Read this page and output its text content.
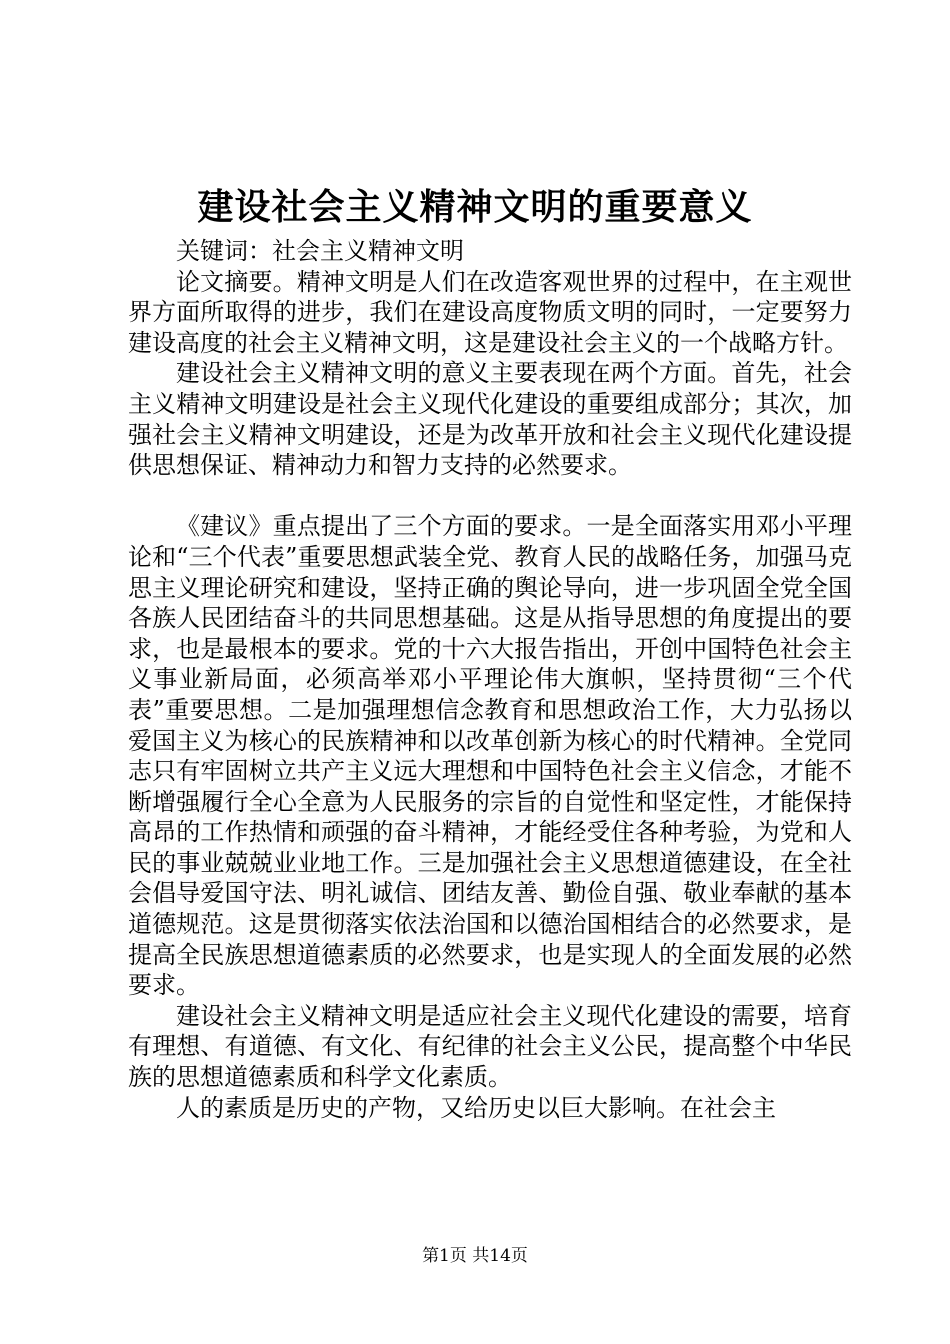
建设社会主义精神文明的重要意义

关键词：社会主义精神文明

论文摘要。精神文明是人们在改造客观世界的过程中，在主观世界方面所取得的进步，我们在建设高度物质文明的同时，一定要努力建设高度的社会主义精神文明，这是建设社会主义的一个战略方针。

建设社会主义精神文明的意义主要表现在两个方面。首先，社会主义精神文明建设是社会主义现代化建设的重要组成部分；其次，加强社会主义精神文明建设，还是为改革开放和社会主义现代化建设提供思想保证、精神动力和智力支持的必然要求。

《建议》重点提出了三个方面的要求。一是全面落实用邓小平理论和“三个代表”重要思想武装全党、教育人民的战略任务，加强马克思主义理论研究和建设，坚持正确的舆论导向，进一步巩固全党全国各族人民团结奋斗的共同思想基础。这是从指导思想的角度提出的要求，也是最根本的要求。党的十六大报告指出，开创中国特色社会主义事业新局面，必须高举邓小平理论伟大旗帜，坚持贯彻“三个代表”重要思想。二是加强理想信念教育和思想政治工作，大力弘扬以爱国主义为核心的民族精神和以改革创新为核心的时代精神。全党同志只有牢固树立共产主义远大理想和中国特色社会主义信念，才能不断增强履行全心全意为人民服务的宗旨的自觉性和坚定性，才能保持高昂的工作热情和顽强的奋斗精神，才能经受住各种考验，为党和人民的事业兢兢业业地工作。三是加强社会主义思想道德建设，在全社会倡导爱国守法、明礼诚信、团结友善、勤俭自强、敬业奉献的基本道德规范。这是贯彻落实依法治国和以德治国相结合的必然要求，是提高全民族思想道德素质的必然要求，也是实现人的全面发展的必然要求。

建设社会主义精神文明是适应社会主义现代化建设的需要，培育有理想、有道德、有文化、有纪律的社会主义公民，提高整个中华民族的思想道德素质和科学文化素质。

人的素质是历史的产物，又给历史以巨大影响。在社会主

第1页 共14页
